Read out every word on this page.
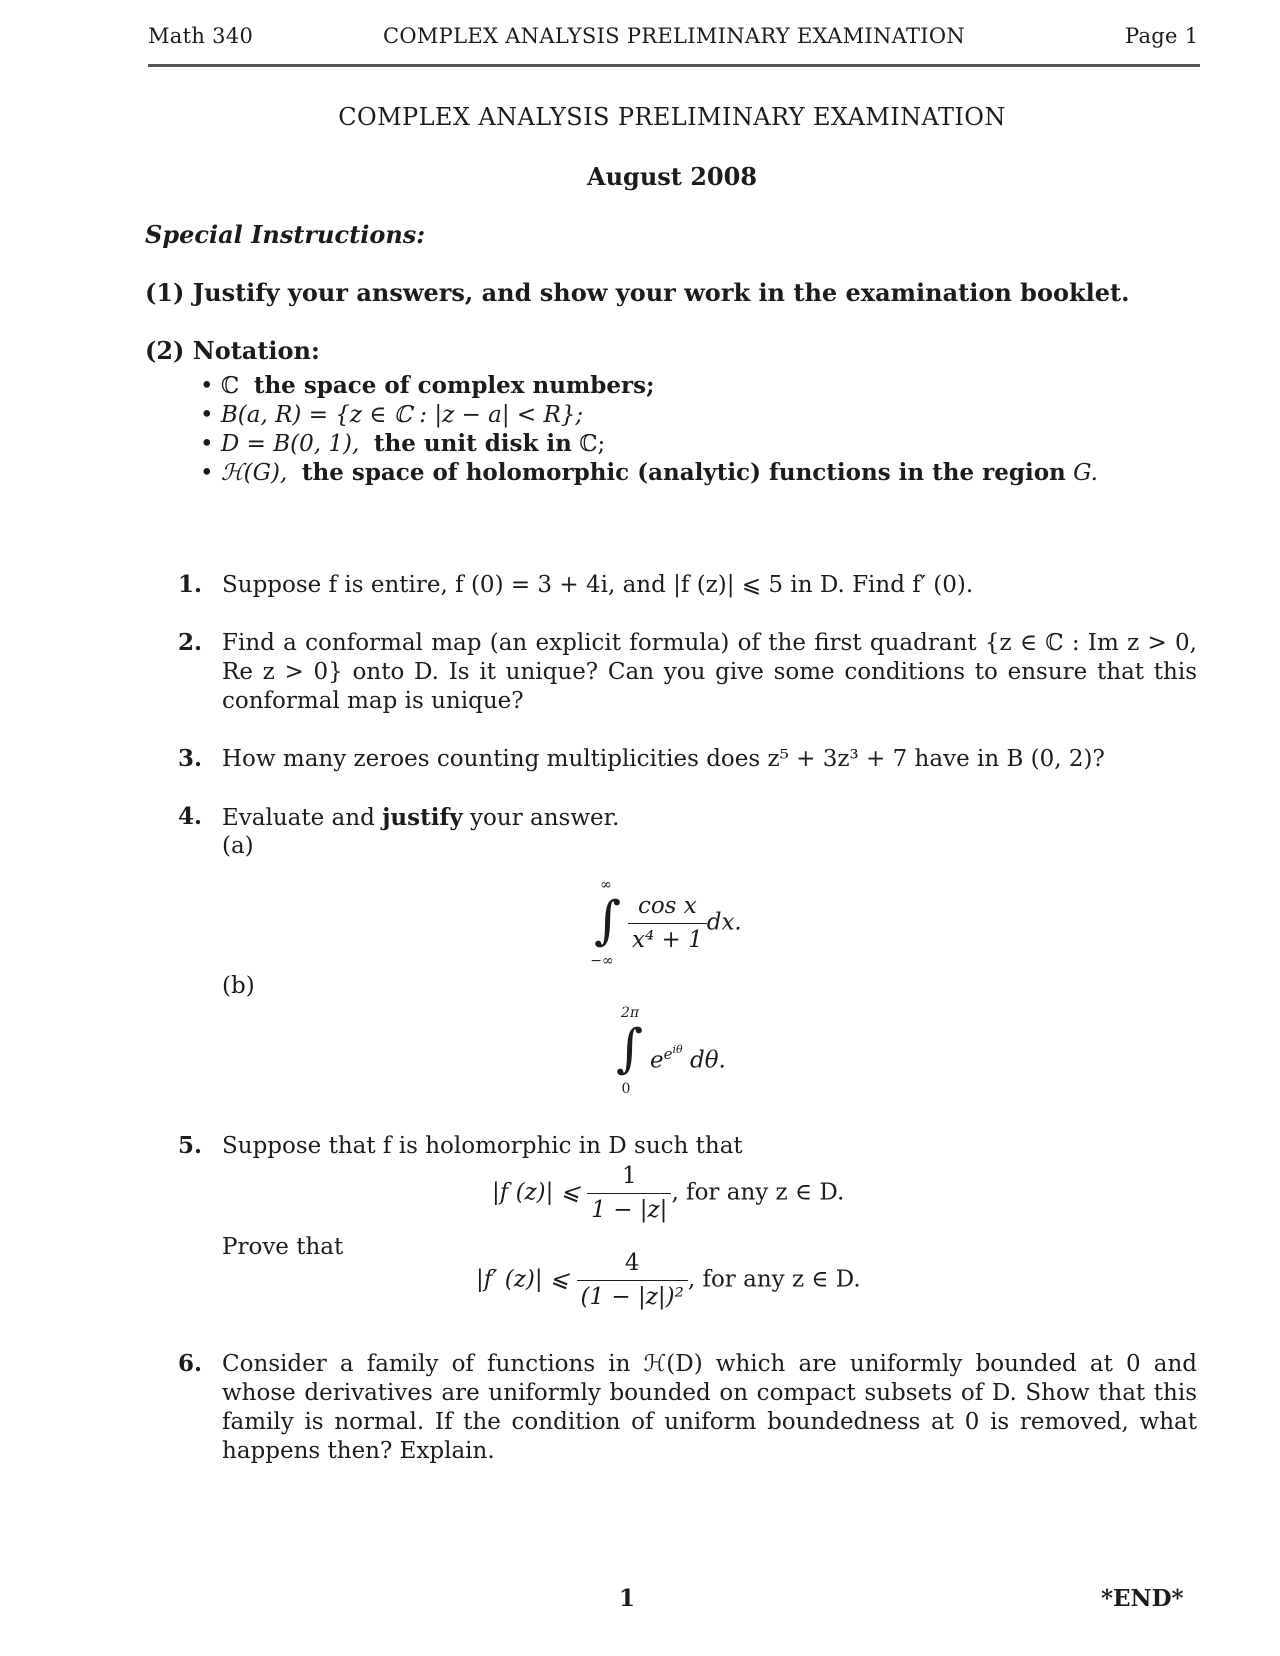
Math 340	COMPLEX ANALYSIS PRELIMINARY EXAMINATION	Page 1
COMPLEX ANALYSIS PRELIMINARY EXAMINATION
August 2008
Special Instructions:
(1) Justify your answers, and show your work in the examination booklet.
(2) Notation:
• ℂ the space of complex numbers;
• B(a, R) = {z ∈ ℂ : |z − a| < R};
• D = B(0, 1), the unit disk in ℂ;
• ℋ(G), the space of holomorphic (analytic) functions in the region G.
1. Suppose f is entire, f (0) = 3 + 4i, and |f (z)| ⩽ 5 in D. Find f′ (0).
2. Find a conformal map (an explicit formula) of the first quadrant {z ∈ ℂ : Im z > 0, Re z > 0} onto D. Is it unique? Can you give some conditions to ensure that this conformal map is unique?
3. How many zeroes counting multiplicities does z⁵ + 3z³ + 7 have in B (0, 2)?
4. Evaluate and justify your answer.
(a)
∞
∫
−∞
$\frac{\text{cos x}}{\text{x⁴ + 1}}$ dx.
(b)
2π
∫
0
$e^{e^{i\theta}}$ dθ.
5. Suppose that f is holomorphic in D such that
|f (z)| ⩽ $\frac{1}{1 - |z|}$ , for any z ∈ D.
Prove that
|f′ (z)| ⩽ $\frac{4}{\text{(1 − |z|)²}}$ , for any z ∈ D.
6. Consider a family of functions in ℋ(D) which are uniformly bounded at 0 and whose derivatives are uniformly bounded on compact subsets of D. Show that this family is normal. If the condition of uniform boundedness at 0 is removed, what happens then? Explain.
1	*END*
